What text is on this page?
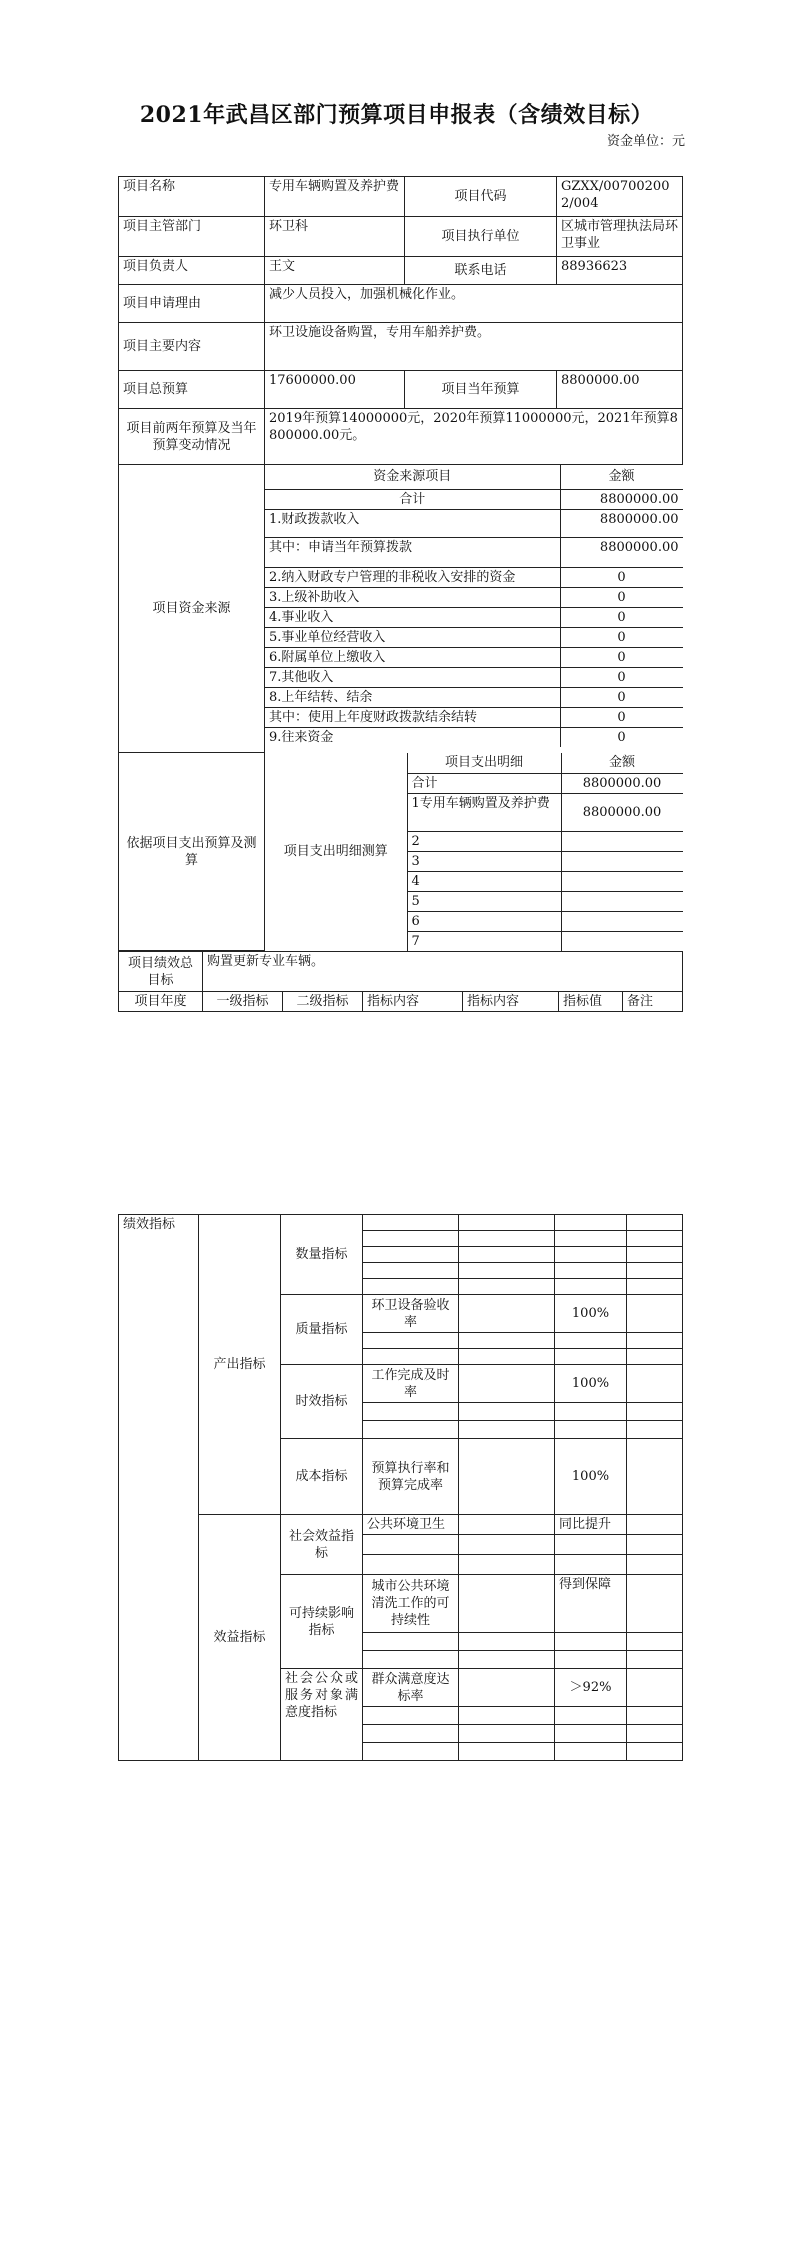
2021年武昌区部门预算项目申报表（含绩效目标）
资金单位：元
项目名称	专用车辆购置及养护费	项目代码	GZXX/007002002/004
项目主管部门	环卫科	项目执行单位	区城市管理执法局环卫事业
项目负责人	王文	联系电话	88936623
项目申请理由	减少人员投入，加强机械化作业。
项目主要内容	环卫设施设备购置，专用车船养护费。
项目总预算	17600000.00	项目当年预算	8800000.00
项目前两年预算及当年预算变动情况	2019年预算14000000元，2020年预算11000000元，2021年预算8800000.00元。
项目资金来源	
资金来源项目	金额
合计	8800000.00
1.财政拨款收入	8800000.00
其中：申请当年预算拨款	8800000.00
2.纳入财政专户管理的非税收入安排的资金	0
3.上级补助收入	0
4.事业收入	0
5.事业单位经营收入	0
6.附属单位上缴收入	0
7.其他收入	0
8.上年结转、结余	0
其中：使用上年度财政拨款结余结转	0
9.往来资金	0

依据项目支出预算及测算	
项目支出明细测算	项目支出明细	金额
合计	8800000.00
1专用车辆购置及养护费	8800000.00
2	
3	
4	
5	
6	
7	
项目绩效总目标	购置更新专业车辆。					
项目年度	一级指标	二级指标	指标内容	指标内容	指标值	备注
绩效指标	产出指标	数量指标				

		质量指标	环卫设备验收率		100%	

		时效指标	工作完成及时率		100%	

		成本指标	预算执行率和预算完成率		100%	
	效益指标	社会效益指标	公共环境卫生		同比提升	

		可持续影响指标	城市公共环境清洗工作的可持续性		得到保障	

		社会公众或服务对象满意度指标	群众满意度达标率		＞92%	
